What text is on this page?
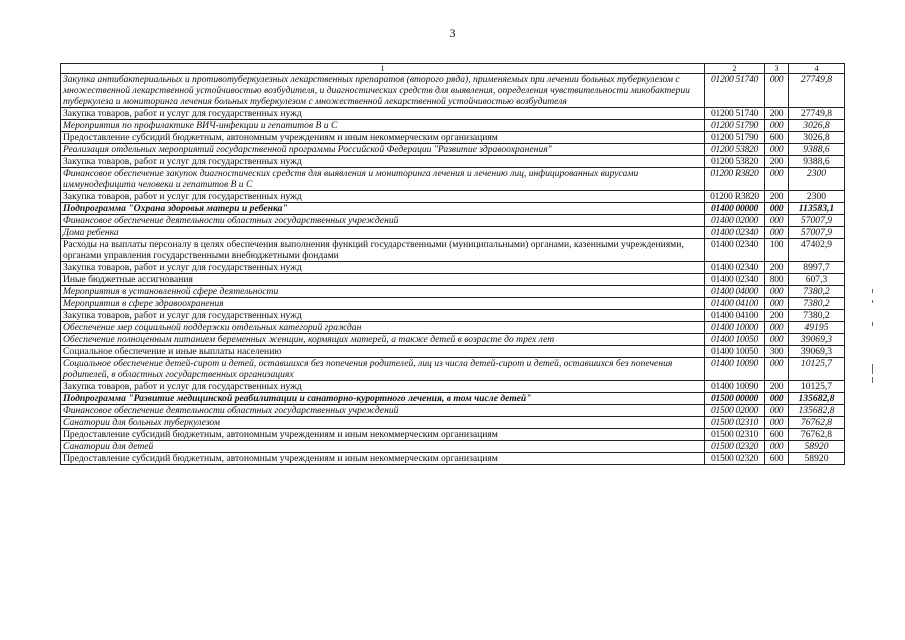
3
1	2	3	4
Закупка антибактериальных и противотуберкулезных лекарственных препаратов (второго ряда), применяемых при лечении больных туберкулезом с множественной лекарственной устойчивостью возбудителя, и диагностических средств для выявления, определения чувствительности микобактерии туберкулеза и мониторинга лечения больных туберкулезом с множественной лекарственной устойчивостью возбудителя	01200 51740	000	27749,8
Закупка товаров, работ и услуг для государственных нужд	01200 51740	200	27749,8
Мероприятия по профилактике ВИЧ-инфекции и гепатитов В и С	01200 51790	000	3026,8
Предоставление субсидий бюджетным, автономным учреждениям и иным некоммерческим организациям	01200 51790	600	3026,8
Реализация отдельных мероприятий государственной программы Российской Федерации "Развитие здравоохранения"	01200 53820	000	9388,6
Закупка товаров, работ и услуг для государственных нужд	01200 53820	200	9388,6
Финансовое обеспечение закупок диагностических средств для выявления и мониторинга лечения и лечению лиц, инфицированных вирусами иммунодефицита человека и гепатитов В и С	01200 R3820	000	2300
Закупка товаров, работ и услуг для государственных нужд	01200 R3820	200	2300
Подпрограмма "Охрана здоровья матери и ребенка"	01400 00000	000	113583,1
Финансовое обеспечение деятельности областных государственных учреждений	01400 02000	000	57007,9
Дома ребенка	01400 02340	000	57007,9
Расходы на выплаты персоналу в целях обеспечения выполнения функций государственными (муниципальными) органами, казенными учреждениями, органами управления государственными внебюджетными фондами	01400 02340	100	47402,9
Закупка товаров, работ и услуг для государственных нужд	01400 02340	200	8997,7
Иные бюджетные ассигнования	01400 02340	800	607,3
Мероприятия в установленной сфере деятельности	01400 04000	000	7380,2
Мероприятия в сфере здравоохранения	01400 04100	000	7380,2
Закупка товаров, работ и услуг для государственных нужд	01400 04100	200	7380,2
Обеспечение мер социальной поддержки отдельных категорий граждан	01400 10000	000	49195
Обеспечение полноценным питанием беременных женщин, кормящих матерей, а также детей в возрасте до трех лет	01400 10050	000	39069,3
Социальное обеспечение и иные выплаты населению	01400 10050	300	39069,3
Социальное обеспечение детей-сирот и детей, оставшихся без попечения родителей, лиц из числа детей-сирот и детей, оставшихся без попечения родителей, в областных государственных организациях	01400 10090	000	10125,7
Закупка товаров, работ и услуг для государственных нужд	01400 10090	200	10125,7
Подпрограмма "Развитие медицинской реабилитации и санаторно-курортного лечения, в том числе детей"	01500 00000	000	135682,8
Финансовое обеспечение деятельности областных государственных учреждений	01500 02000	000	135682,8
Санатории для больных туберкулезом	01500 02310	000	76762,8
Предоставление субсидий бюджетным, автономным учреждениям и иным некоммерческим организациям	01500 02310	600	76762,8
Санатории для детей	01500 02320	000	58920
Предоставление субсидий бюджетным, автономным учреждениям и иным некоммерческим организациям	01500 02320	600	58920
